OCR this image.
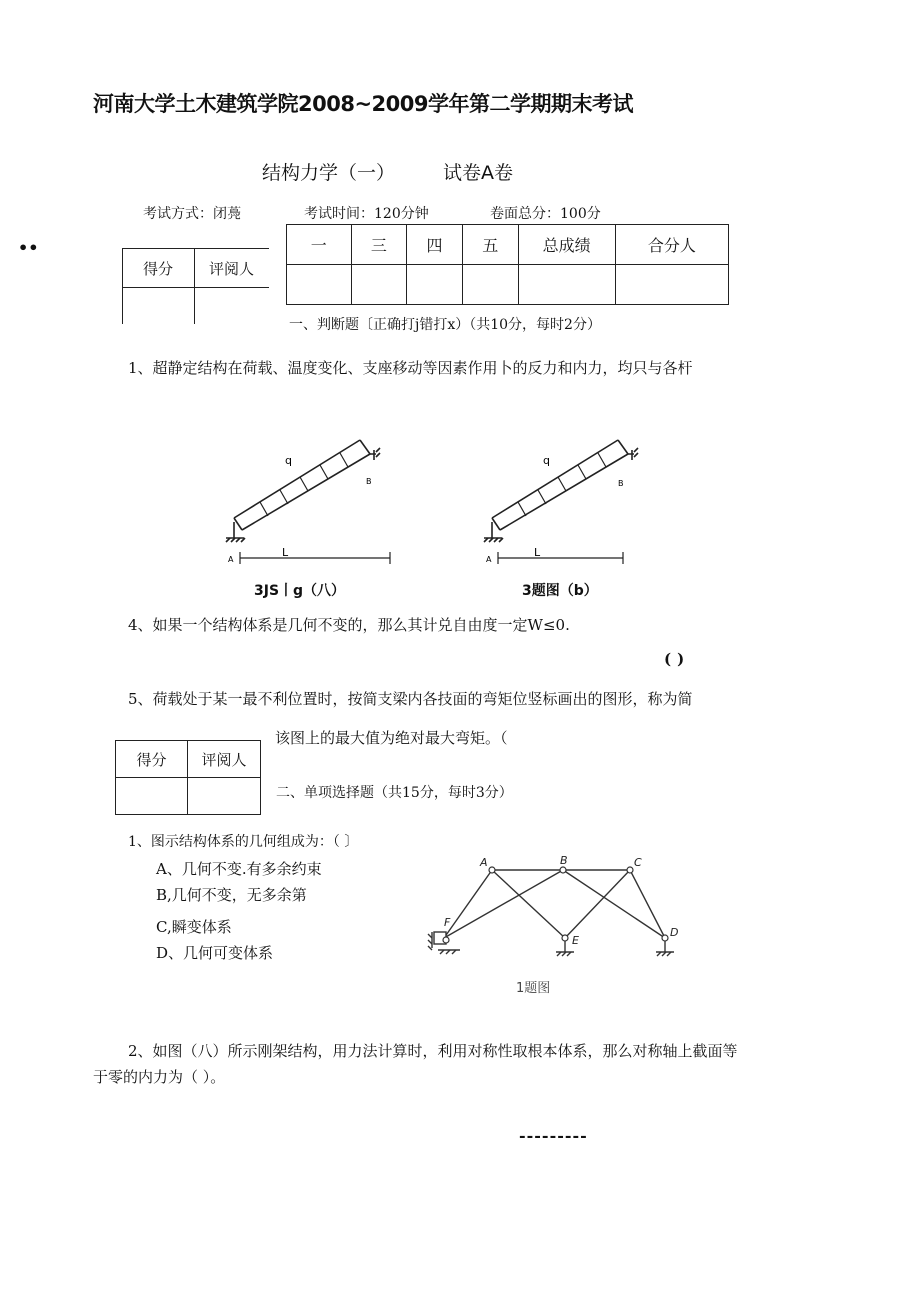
河南大学土木建筑学院2008~2009学年第二学期期末考试
结构力学（一）	试卷A卷
考试方式：闭𦽏	考试时间：120分钟	卷面总分：100分
••	一	三	四	五	总成绩	合分人

得分	评阅人
一、判断题〔正确打j错打x）（共10分，每时2分）
1、超静定结构在荷载、温度变化、支座移动等因素作用卜的反力和内力，均只与各杆
q
B
A
L
3JS丨g（八）
q
B
A
L
3题图（b）
4、如果一个结构体系是几何不变的，那么其计兑自由度一定W≤0.
()
5、荷载处于某一最不利位置时，按简支梁内各技面的弯矩位竖标画出的图形，称为简
该图上的最大值为绝对最大弯矩。（
得分	评阅人

二、单项选择题（共15分，每时3分）
1、图示结构体系的几何组成为：（ 〕
A、几何不变.有多余约束
B,几何不变，无多余第
C,瞬变体系
D、几何可变体系
A	B	C
D
E
F
1题图
2、如图（八）所示刚架结构，用力法计算时，利用对称性取根本体系，那么对称轴上截面等
于零的内力为（ ）。
---------
